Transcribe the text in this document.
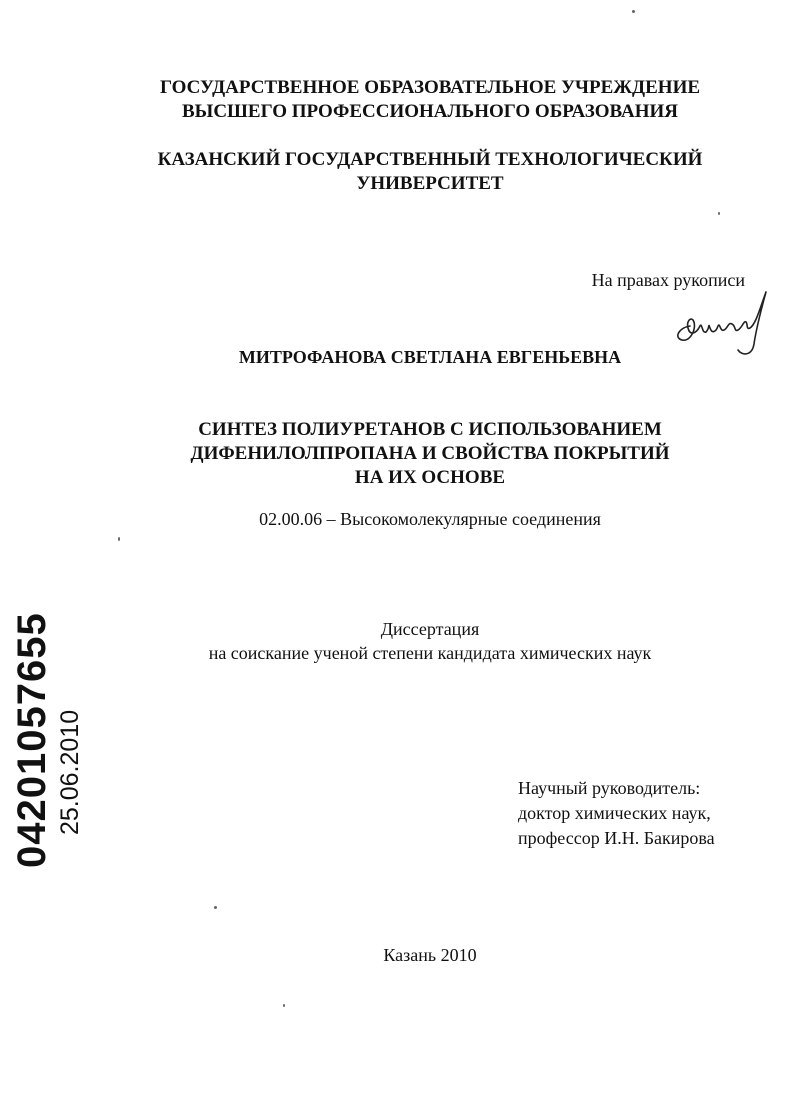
ГОСУДАРСТВЕННОЕ ОБРАЗОВАТЕЛЬНОЕ УЧРЕЖДЕНИЕ
ВЫСШЕГО ПРОФЕССИОНАЛЬНОГО ОБРАЗОВАНИЯ
КАЗАНСКИЙ ГОСУДАРСТВЕННЫЙ ТЕХНОЛОГИЧЕСКИЙ
УНИВЕРСИТЕТ
На правах рукописи
МИТРОФАНОВА СВЕТЛАНА ЕВГЕНЬЕВНА
СИНТЕЗ ПОЛИУРЕТАНОВ С ИСПОЛЬЗОВАНИЕМ
ДИФЕНИЛОЛПРОПАНА И СВОЙСТВА ПОКРЫТИЙ
НА ИХ ОСНОВЕ
02.00.06 – Высокомолекулярные соединения
Диссертация
на соискание ученой степени кандидата химических наук
Научный руководитель:
доктор химических наук,
профессор И.Н. Бакирова
Казань 2010
04201057655 25.06.2010
